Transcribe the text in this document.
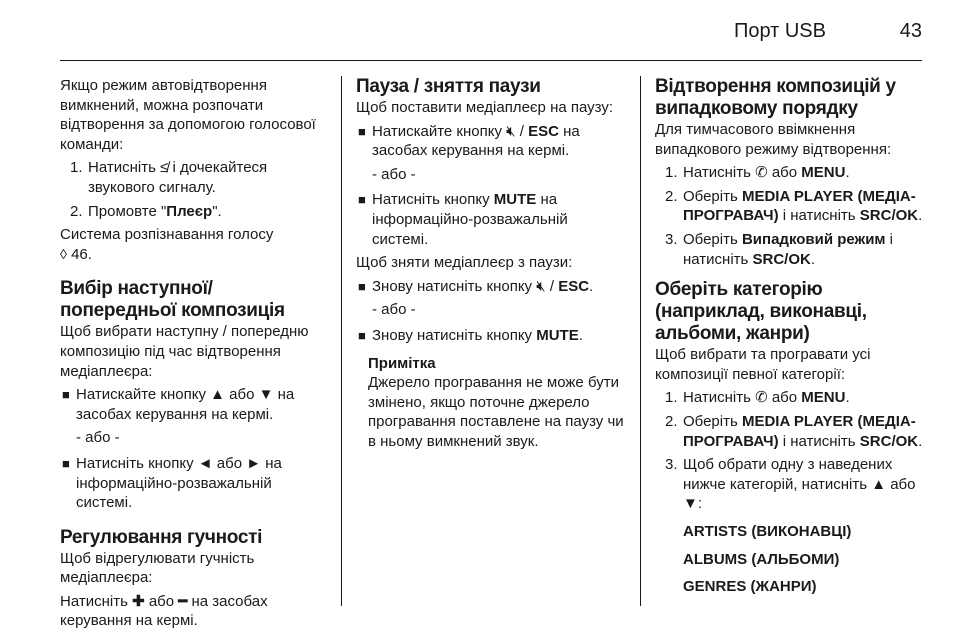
Порт USB	43

Якщо режим автовідтворення вимкнений, можна розпочати відтворення за допомогою голосової команди:

1. Натисніть ≰ і дочекайтеся звукового сигналу.
2. Промовте "Плеєр".

Система розпізнавання голосу
◊ 46.

Вибір наступної/попередньої композиція

Щоб вибрати наступну / попередню композицію під час відтворення медіаплеєра:

■ Натискайте кнопку ▲ або ▼ на засобах керування на кермі.

- або -

■ Натисніть кнопку ◄ або ► на інформаційно-розважальній системі.
Регулювання гучності

Щоб відрегулювати гучність медіаплеєра:

Натисніть ✚ або ━ на засобах керування на кермі.

Пауза / зняття паузи

Щоб поставити медіаплеєр на паузу:

■ Натискайте кнопку 🔇︎ / ESC на засобах керування на кермі.

- або -

■ Натисніть кнопку MUTE на інформаційно-розважальній системі.

Щоб зняти медіаплеєр з паузи:

■ Знову натисніть кнопку 🔇︎ / ESC.

- або -

■ Знову натисніть кнопку MUTE.

Примітка

Джерело програвання не може бути змінено, якщо поточне джерело програвання поставлене на паузу чи в ньому вимкнений звук.

Відтворення композицій у випадковому порядку

Для тимчасового ввімкнення випадкового режиму відтворення:

1. Натисніть ✆ або MENU.
2. Оберіть MEDIA PLAYER (МЕДІА-ПРОГРАВАЧ) і натисніть SRC/OK.
3. Оберіть Випадковий режим і натисніть SRC/OK.
Оберіть категорію (наприклад, виконавці, альбоми, жанри)

Щоб вибрати та програвати усі композиції певної категорії:

1. Натисніть ✆ або MENU.
2. Оберіть MEDIA PLAYER (МЕДІА-ПРОГРАВАЧ) і натисніть SRC/OK.
3. Щоб обрати одну з наведених нижче категорій, натисніть ▲ або ▼:

ARTISTS (ВИКОНАВЦІ)

ALBUMS (АЛЬБОМИ)

GENRES (ЖАНРИ)
